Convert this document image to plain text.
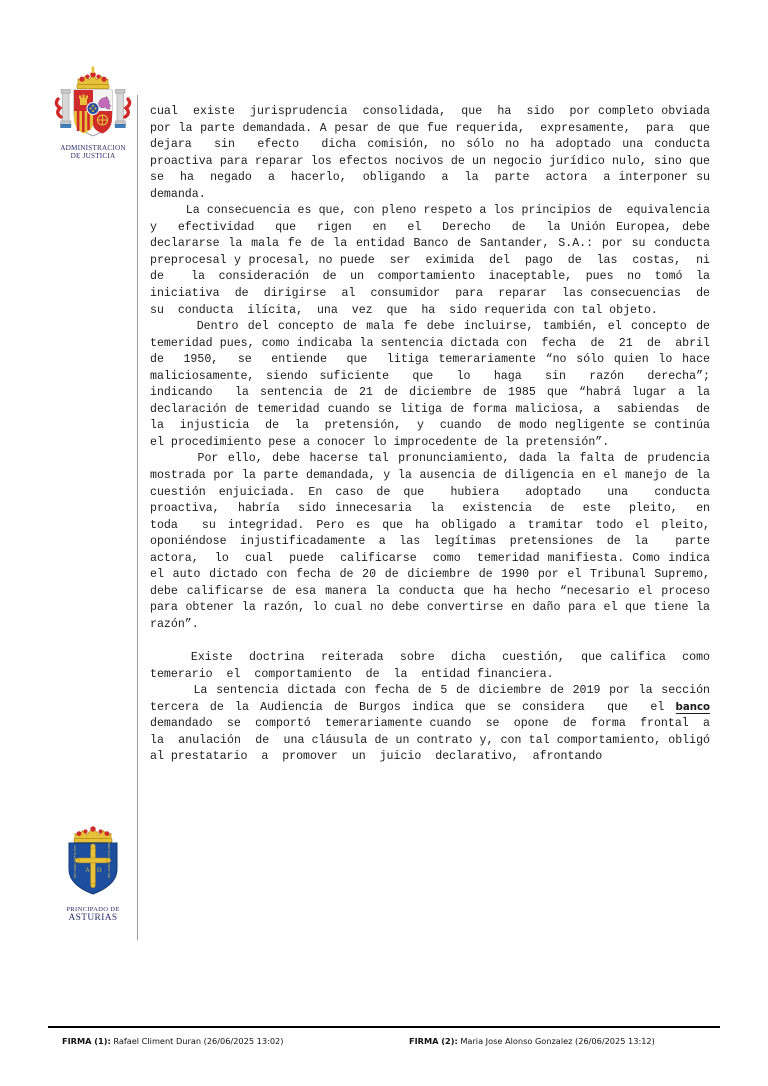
ADMINISTRACION
DE JUSTICIA
A Ω
HOC SIGNO TVETVR PIVS	HOC SIGNO VINCITVR INIMICVS
PRINCIPADO DE
ASTURIAS

cual  existe  jurisprudencia  consolidada,  que  ha  sido  por completo obviada por la parte demandada. A pesar de que fue requerida,  expresamente,  para  que  dejara  sin  efecto  dicha comisión, no sólo no ha adoptado una conducta proactiva para reparar los efectos nocivos de un negocio jurídico nulo, sino que  se  ha  negado  a  hacerlo,  obligando  a  la  parte  actora  a interponer su demanda.

La consecuencia es que, con pleno respeto a los principios de  equivalencia  y  efectividad  que  rigen  en  el  Derecho  de  la Unión Europea, debe declararse la mala fe de la entidad Banco de Santander, S.A.: por su conducta preprocesal y procesal, no puede  ser  eximida  del  pago  de  las  costas,  ni  de  la consideración de un comportamiento inaceptable, pues no tomó la  iniciativa  de  dirigirse  al  consumidor  para  reparar  las consecuencias  de  su  conducta  ilícita,  una  vez  que  ha  sido requerida con tal objeto.

Dentro del concepto de mala fe debe incluirse, también, el concepto de temeridad pues, como indicaba la sentencia dictada con  fecha  de  21  de  abril  de  1950,  se  entiende  que  litiga temerariamente “no sólo quien lo hace maliciosamente, siendo suficiente  que  lo  haga  sin  razón  derecha”;  indicando  la sentencia de 21 de diciembre de 1985 que “habrá lugar a la declaración de temeridad cuando se litiga de forma maliciosa, a  sabiendas  de  la  injusticia  de  la  pretensión,  y  cuando  de modo negligente se continúa el procedimiento pese a conocer lo improcedente de la pretensión”.

Por ello, debe hacerse tal pronunciamiento, dada la falta de prudencia mostrada por la parte demandada, y la ausencia de diligencia en el manejo de la cuestión enjuiciada. En caso de que  hubiera  adoptado  una  conducta  proactiva,  habría  sido innecesaria  la  existencia  de  este  pleito,  en  toda  su integridad. Pero es que ha obligado a tramitar todo el pleito, oponiéndose injustificadamente a las legítimas pretensiones de la  parte  actora,  lo  cual  puede  calificarse  como  temeridad manifiesta. Como indica el auto dictado con fecha de 20 de diciembre de 1990 por el Tribunal Supremo, debe calificarse de esa manera la conducta que ha hecho “necesario el proceso para obtener la razón, lo cual no debe convertirse en daño para el que tiene la razón”.

Existe  doctrina  reiterada  sobre  dicha  cuestión,  que califica  como  temerario  el  comportamiento  de  la  entidad financiera.

La sentencia dictada con fecha de 5 de diciembre de 2019 por la sección tercera de la Audiencia de Burgos indica que se considera  que  el banco demandado  se  comportó  temerariamente cuando  se  opone  de  forma  frontal  a  la  anulación  de  una cláusula de un contrato y, con tal comportamiento, obligó al prestatario  a  promover  un  juicio  declarativo,  afrontando

FIRMA (1): Rafael Climent Duran (26/06/2025 13:02)	FIRMA (2): Maria Jose Alonso Gonzalez (26/06/2025 13:12)
